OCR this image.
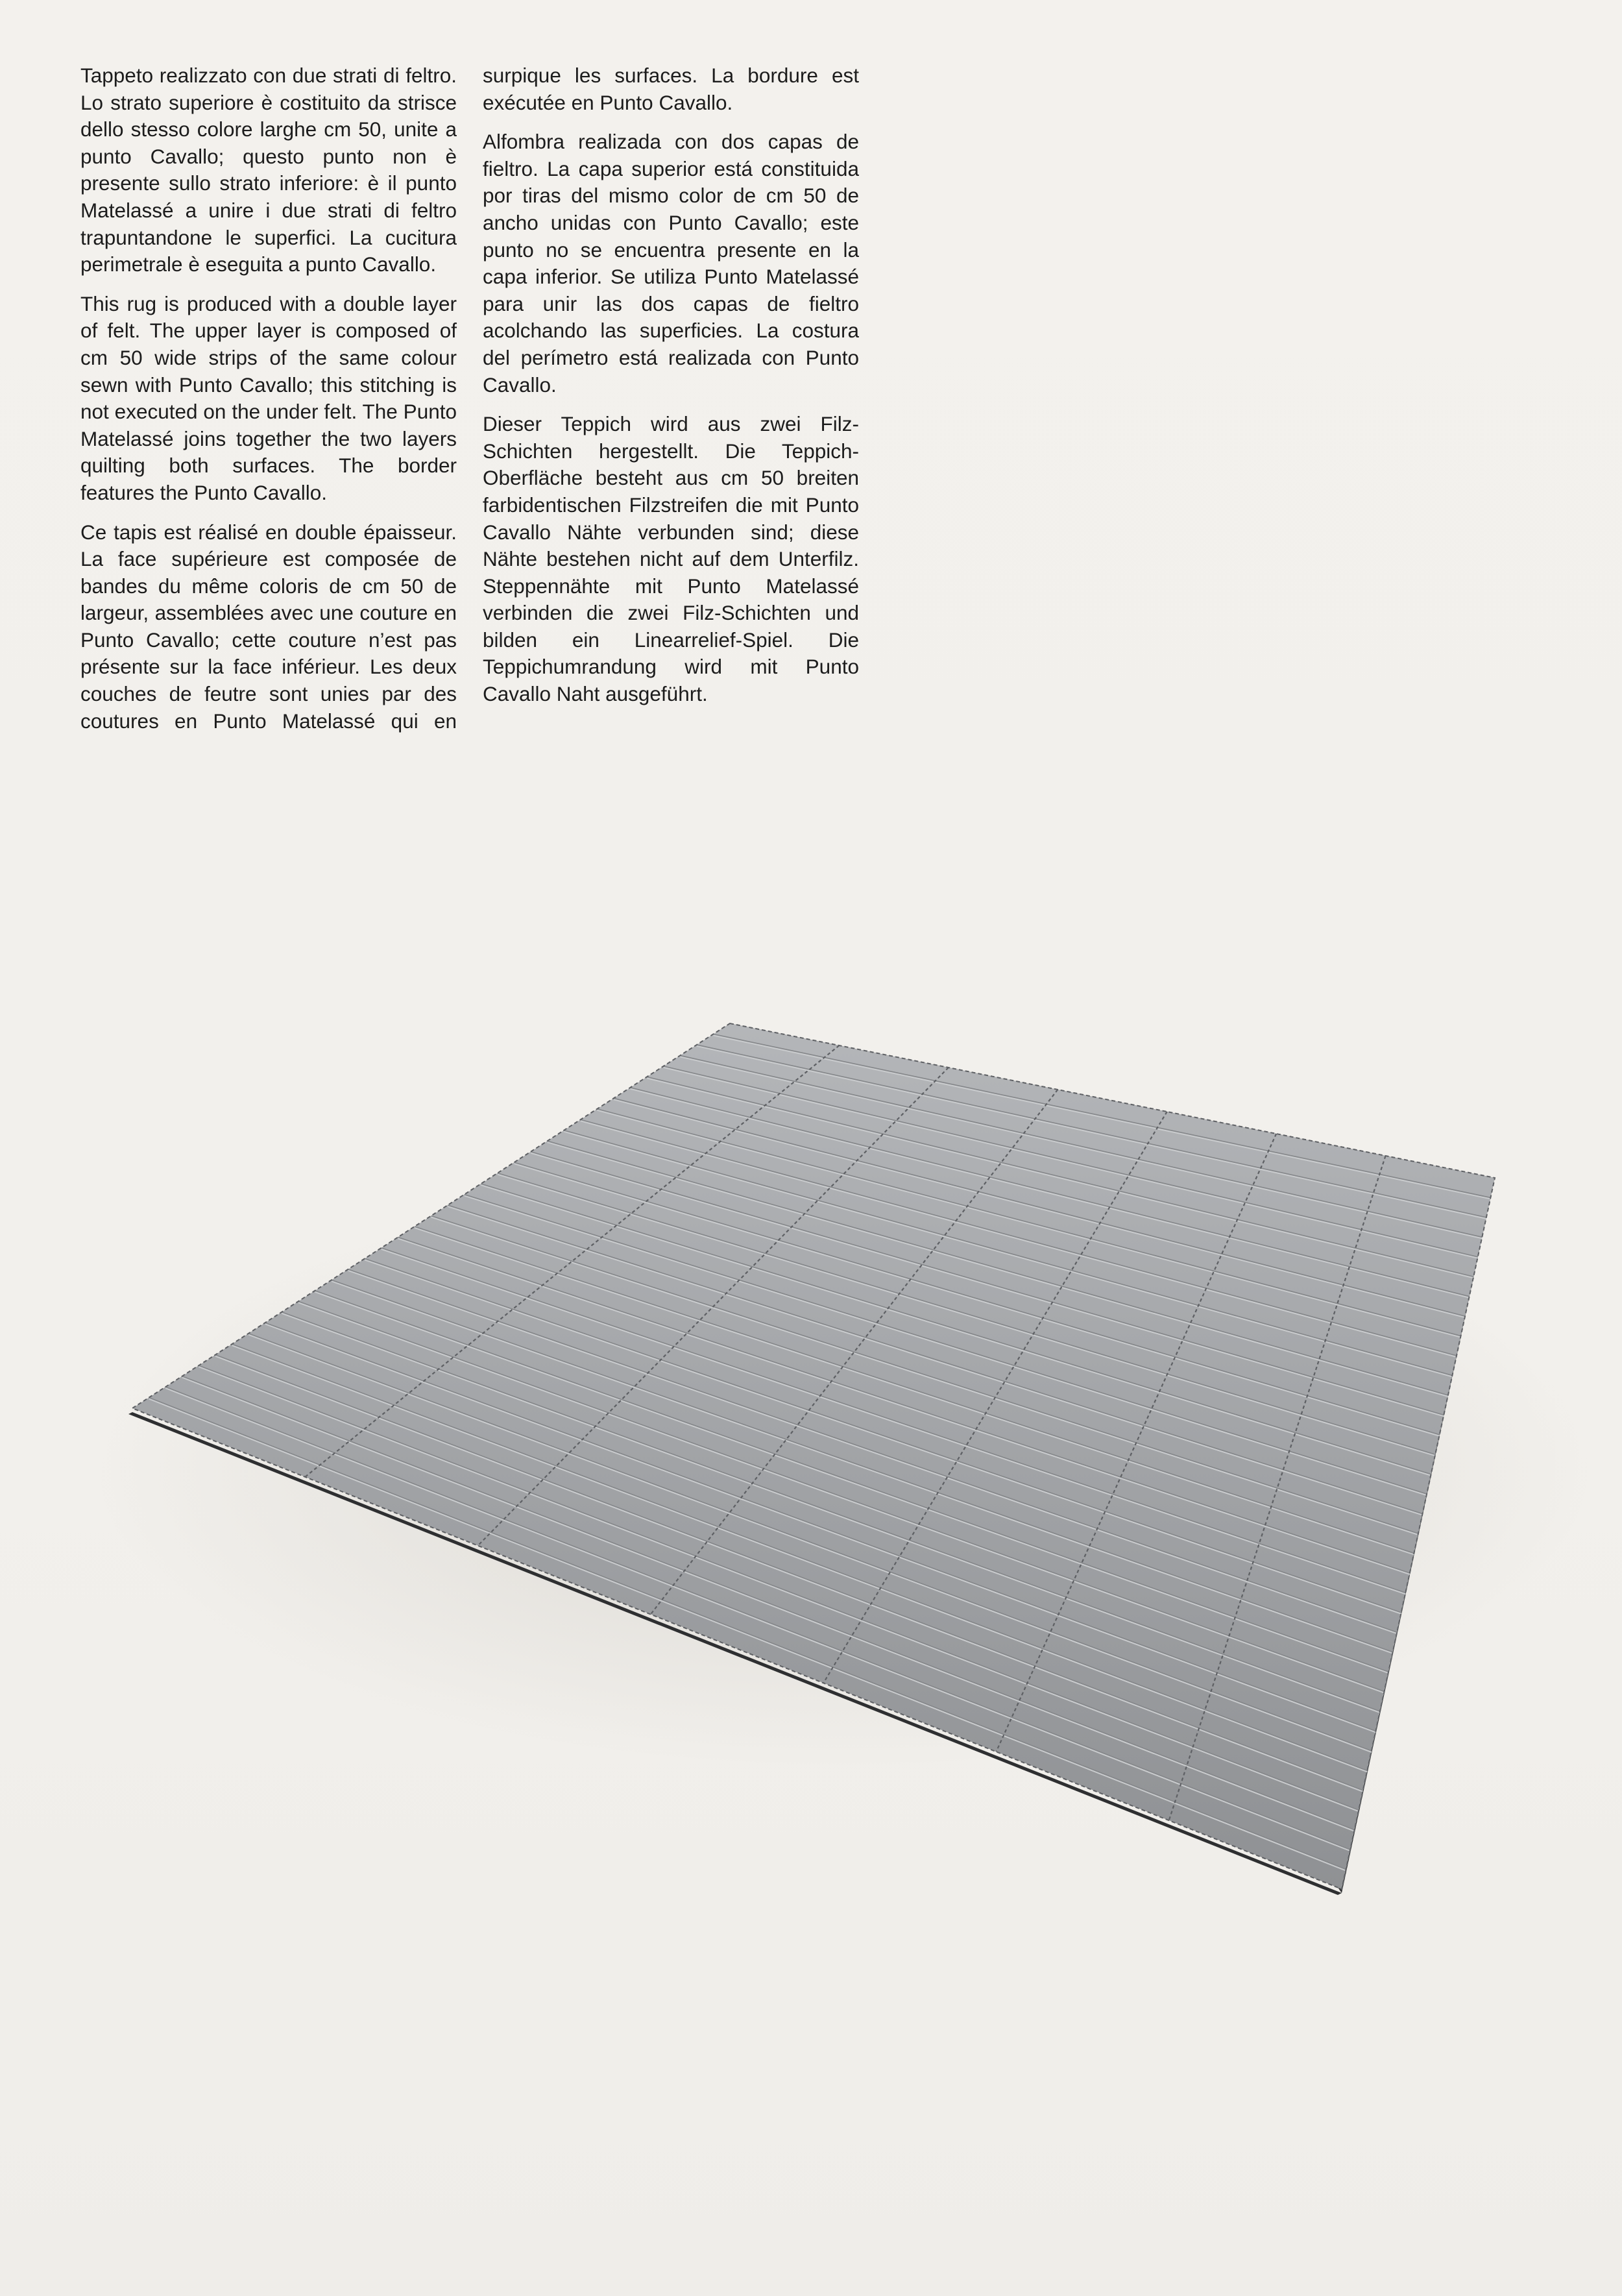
Tappeto realizzato con due strati di feltro. Lo strato superiore è costituito da strisce dello stesso colore larghe cm 50, unite a punto Cavallo; questo punto non è presente sullo strato inferiore: è il punto Matelassé a unire i due strati di feltro trapuntandone le superfici. La cucitura perimetrale è eseguita a punto Cavallo.

This rug is produced with a double layer of felt. The upper layer is composed of cm 50 wide strips of the same colour sewn with Punto Cavallo; this stitching is not executed on the under felt. The Punto Matelassé joins together the two layers quilting both surfaces. The border features the Punto Cavallo.

Ce tapis est réalisé en double épaisseur. La face supérieure est composée de bandes du même coloris de cm 50 de largeur, assemblées avec une couture en Punto Cavallo; cette couture n’est pas présente sur la face inférieur. Les deux couches de feutre sont unies par des coutures en Punto Matelassé qui en surpique les surfaces. La bordure est exécutée en Punto Cavallo.

Alfombra realizada con dos capas de fieltro. La capa superior está constituida por tiras del mismo color de cm 50 de ancho unidas con Punto Cavallo; este punto no se encuentra presente en la capa inferior. Se utiliza Punto Matelassé para unir las dos capas de fieltro acolchando las superficies. La costura del perímetro está realizada con Punto Cavallo.

Dieser Teppich wird aus zwei Filz-Schichten hergestellt. Die Teppich-Oberfläche besteht aus cm 50 breiten farbidentischen Filzstreifen die mit Punto Cavallo Nähte verbunden sind; diese Nähte bestehen nicht auf dem Unterfilz. Steppennähte mit Punto Matelassé verbinden die zwei Filz-Schichten und bilden ein Linearrelief-Spiel. Die Teppichumrandung wird mit Punto Cavallo Naht ausgeführt.
